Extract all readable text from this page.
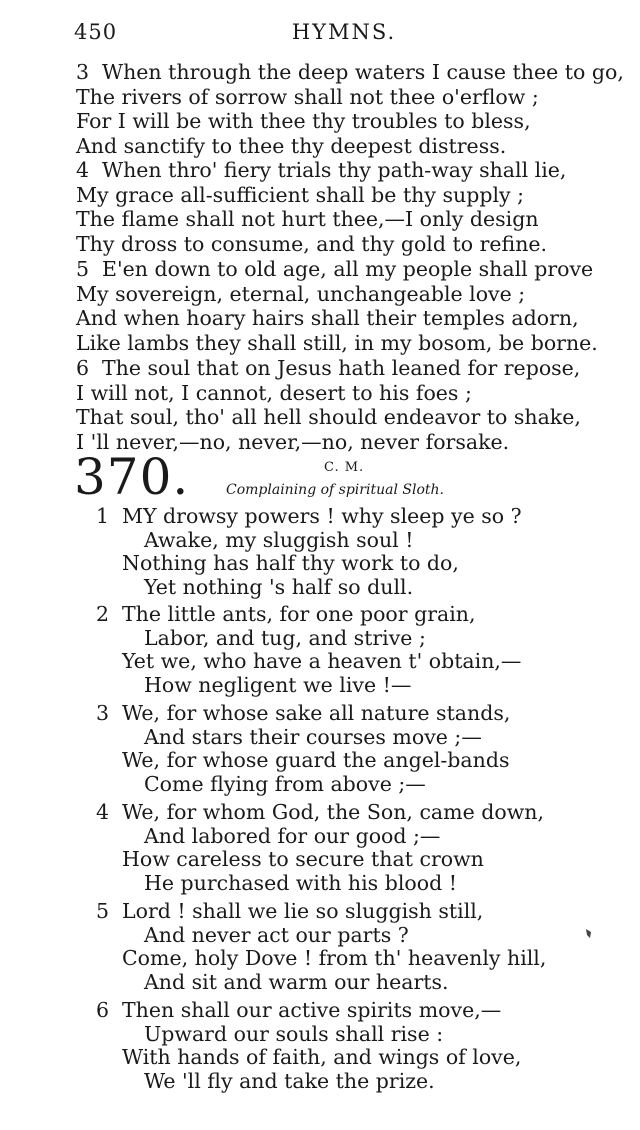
450	HYMNS.
3 When through the deep waters I cause thee to go,
The rivers of sorrow shall not thee o'erflow ;
For I will be with thee thy troubles to bless,
And sanctify to thee thy deepest distress.
4 When thro' fiery trials thy path-way shall lie,
My grace all-sufficient shall be thy supply ;
The flame shall not hurt thee,—I only design
Thy dross to consume, and thy gold to refine.
5 E'en down to old age, all my people shall prove
My sovereign, eternal, unchangeable love ;
And when hoary hairs shall their temples adorn,
Like lambs they shall still, in my bosom, be borne.
6 The soul that on Jesus hath leaned for repose,
I will not, I cannot, desert to his foes ;
That soul, tho' all hell should endeavor to shake,
I 'll never,—no, never,—no, never forsake.
370.	C. M.
Complaining of spiritual Sloth.
1 MY drowsy powers ! why sleep ye so ?
Awake, my sluggish soul !
Nothing has half thy work to do,
Yet nothing 's half so dull.
2 The little ants, for one poor grain,
Labor, and tug, and strive ;
Yet we, who have a heaven t' obtain,—
How negligent we live !—
3 We, for whose sake all nature stands,
And stars their courses move ;—
We, for whose guard the angel-bands
Come flying from above ;—
4 We, for whom God, the Son, came down,
And labored for our good ;—
How careless to secure that crown
He purchased with his blood !
5 Lord ! shall we lie so sluggish still,
And never act our parts ?
Come, holy Dove ! from th' heavenly hill,
And sit and warm our hearts.
6 Then shall our active spirits move,—
Upward our souls shall rise :
With hands of faith, and wings of love,
We 'll fly and take the prize.
